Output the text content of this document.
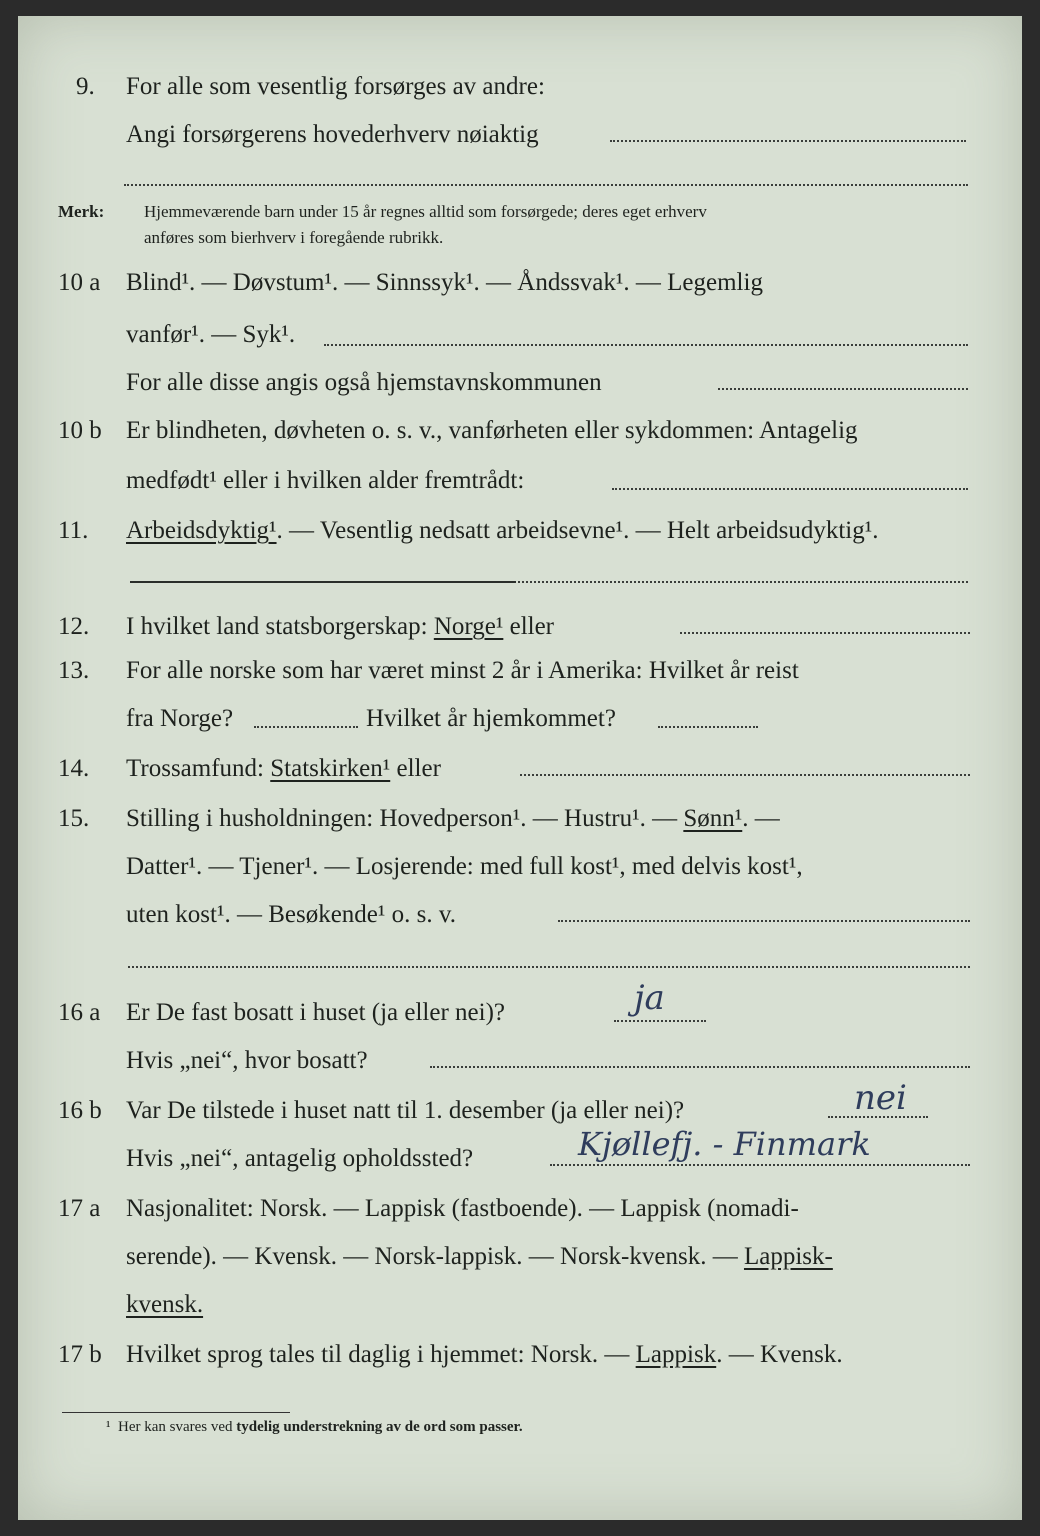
9.	For alle som vesentlig forsørges av andre:
Angi forsørgerens hovederhverv nøiaktig
Merk:	Hjemmeværende barn under 15 år regnes alltid som forsørgede; deres eget erhverv
anføres som bierhverv i foregående rubrikk.
10 a	Blind¹. — Døvstum¹. — Sinnssyk¹. — Åndssvak¹. — Legemlig
vanfør¹. — Syk¹.
For alle disse angis også hjemstavnskommunen
10 b Er blindheten, døvheten o. s. v., vanførheten eller sykdommen: Antagelig
medfødt¹ eller i hvilken alder fremtrådt:
11.	Arbeidsdyktig¹. — Vesentlig nedsatt arbeidsevne¹. — Helt arbeidsudyktig¹.
12.	I hvilket land statsborgerskap: Norge¹ eller
13.	For alle norske som har været minst 2 år i Amerika: Hvilket år reist
fra Norge?	Hvilket år hjemkommet?
14.	Trossamfund: Statskirken¹ eller
15.	Stilling i husholdningen: Hovedperson¹. — Hustru¹. — Sønn¹. —
Datter¹. — Tjener¹. — Losjerende: med full kost¹, med delvis kost¹,
uten kost¹. — Besøkende¹ o. s. v.
16 a	Er De fast bosatt i huset (ja eller nei)?	ja
Hvis „nei“, hvor bosatt?
16 b Var De tilstede i huset natt til 1. desember (ja eller nei)?	nei
Hvis „nei“, antagelig opholdssted?	Kjøllefj. - Finmark
17 a	Nasjonalitet: Norsk. — Lappisk (fastboende). — Lappisk (nomadi-
serende). — Kvensk. — Norsk-lappisk. — Norsk-kvensk. — Lappisk-
kvensk.
17 b Hvilket sprog tales til daglig i hjemmet: Norsk. — Lappisk. — Kvensk.
¹ Her kan svares ved tydelig understrekning av de ord som passer.
